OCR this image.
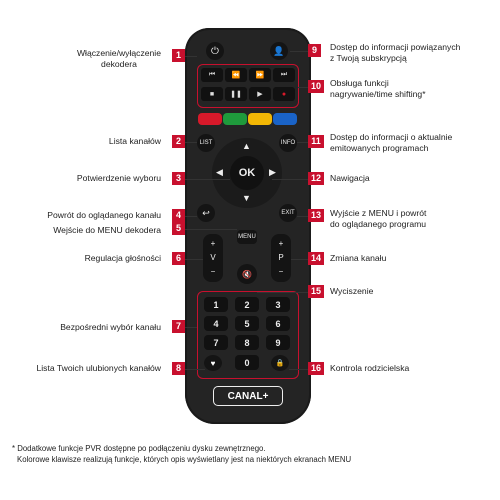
⏻	👤
⏮	⏪	⏩	⏭
■	❚❚	▶	●
LIST	INFO
▲
▼
◀	▶
OK
↩	EXIT
MENU
+
V
−
+
P
−
🔇
1	2	3
4	5	6
7	8	9
♥	0	🔒
CANAL+
Włączenie/wyłączenie
dekodera
1
Lista kanałów	2
Potwierdzenie wyboru	3
Powrót do oglądanego kanału	4
Wejście do MENU dekodera	5
Regulacja głośności	6
Bezpośredni wybór kanału	7
Lista Twoich ulubionych kanałów	8
9	Dostęp do informacji powiązanych
z Twoją subskrypcją
10	Obsługa funkcji
nagrywanie/time shifting*
11	Dostęp do informacji o aktualnie
emitowanych programach
12	Nawigacja
13	Wyjście z MENU i powrót
do oglądanego programu
14	Zmiana kanału
15	Wyciszenie
16	Kontrola rodzicielska
* Dodatkowe funkcje PVR dostępne po podłączeniu dysku zewnętrznego.
Kolorowe klawisze realizują funkcje, których opis wyświetlany jest na niektórych ekranach MENU
